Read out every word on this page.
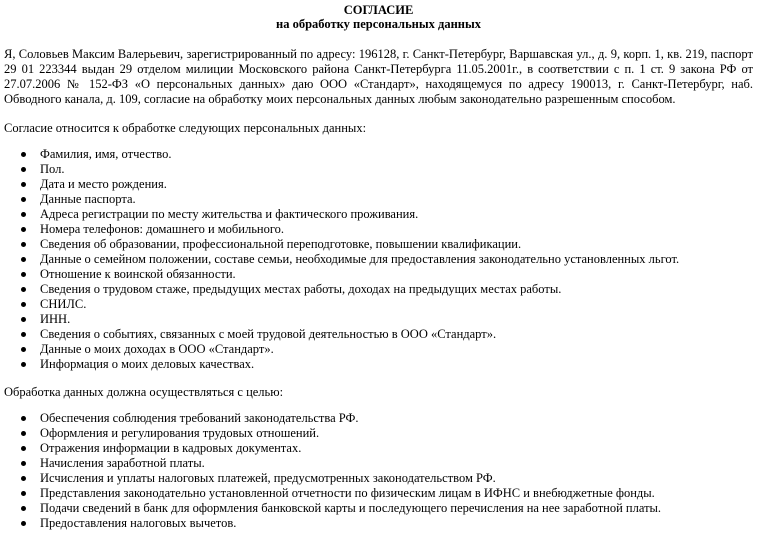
СОГЛАСИЕ
на обработку персональных данных
Я, Соловьев Максим Валерьевич, зарегистрированный по адресу: 196128, г. Санкт-Петербург, Варшавская ул., д. 9, корп. 1, кв. 219, паспорт 29 01 223344 выдан 29 отделом милиции Московского района Санкт-Петербурга 11.05.2001г., в соответствии с п. 1 ст. 9 закона РФ от 27.07.2006 № 152-ФЗ «О персональных данных» даю ООО «Стандарт», находящемуся по адресу 190013, г. Санкт-Петербург, наб. Обводного канала, д. 109, согласие на обработку моих персональных данных любым законодательно разрешенным способом.
Согласие относится к обработке следующих персональных данных:
Фамилия, имя, отчество.
Пол.
Дата и место рождения.
Данные паспорта.
Адреса регистрации по месту жительства и фактического проживания.
Номера телефонов: домашнего и мобильного.
Сведения об образовании, профессиональной переподготовке, повышении квалификации.
Данные о семейном положении, составе семьи, необходимые для предоставления законодательно установленных льгот.
Отношение к воинской обязанности.
Сведения о трудовом стаже, предыдущих местах работы, доходах на предыдущих местах работы.
СНИЛС.
ИНН.
Сведения о событиях, связанных с моей трудовой деятельностью в ООО «Стандарт».
Данные о моих доходах в ООО «Стандарт».
Информация о моих деловых качествах.
Обработка данных должна осуществляться с целью:
Обеспечения соблюдения требований законодательства РФ.
Оформления и регулирования трудовых отношений.
Отражения информации в кадровых документах.
Начисления заработной платы.
Исчисления и уплаты налоговых платежей, предусмотренных законодательством РФ.
Представления законодательно установленной отчетности по физическим лицам в ИФНС и внебюджетные фонды.
Подачи сведений в банк для оформления банковской карты и последующего перечисления на нее заработной платы.
Предоставления налоговых вычетов.
